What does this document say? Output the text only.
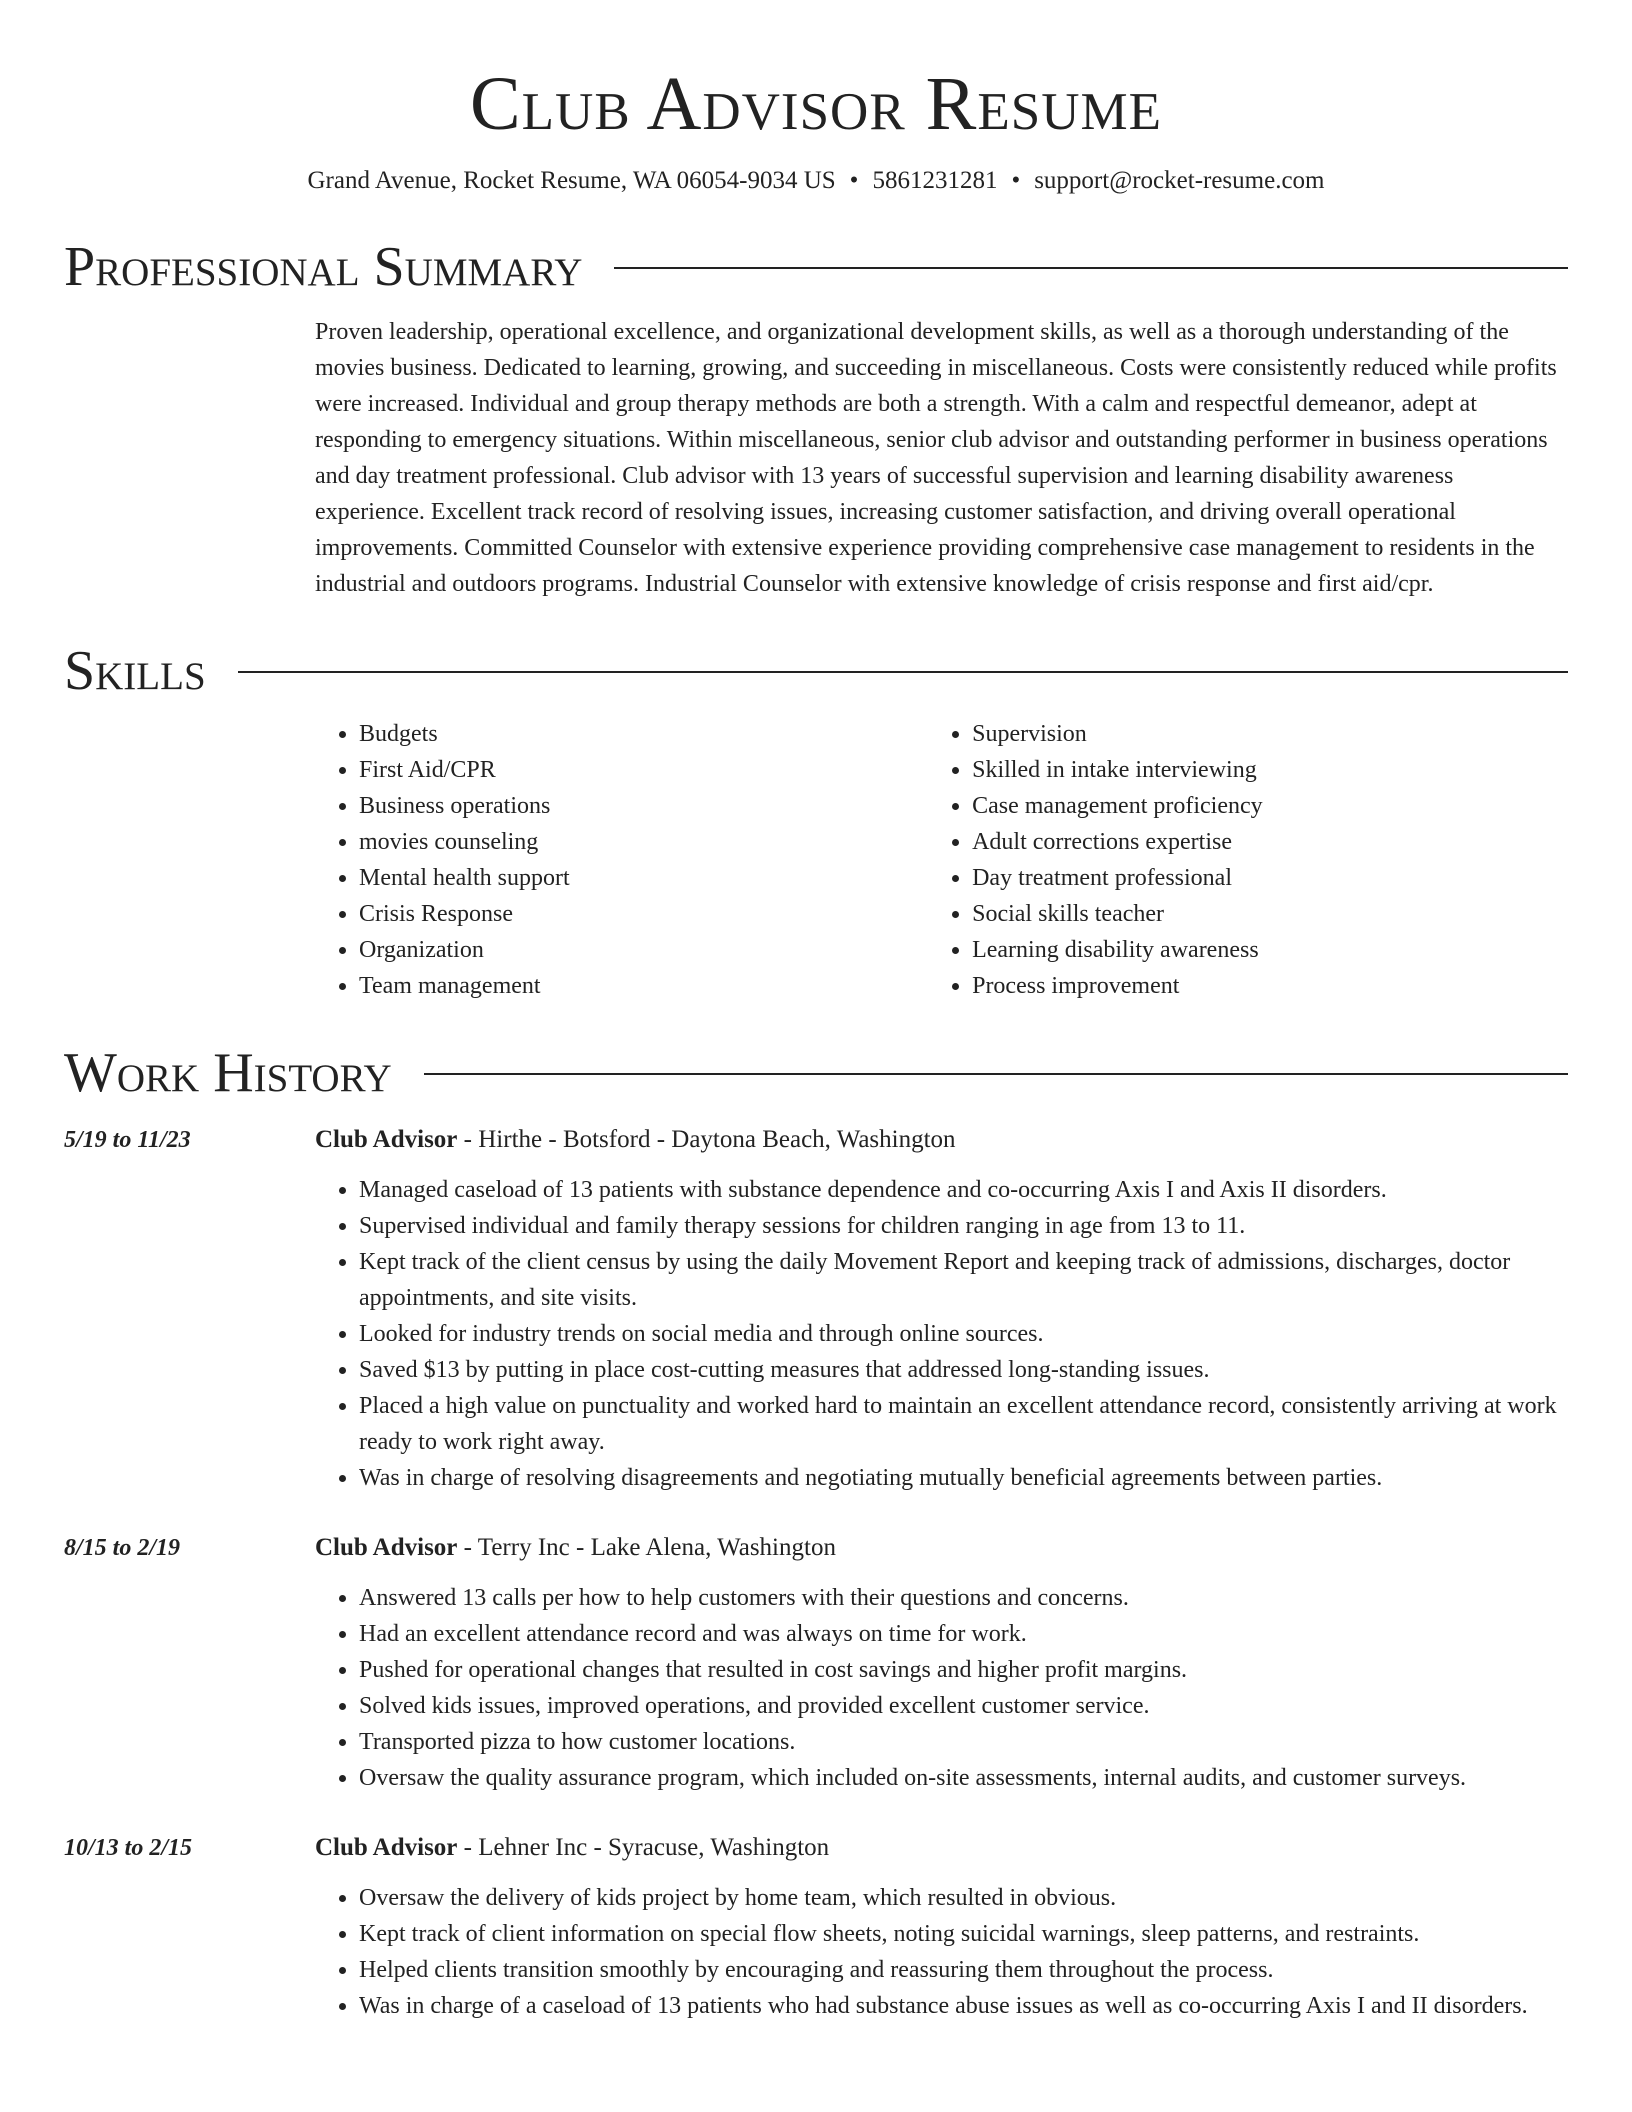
Club Advisor Resume
Grand Avenue, Rocket Resume, WA 06054-9034 US • 5861231281 • support@rocket-resume.com
Professional Summary

Proven leadership, operational excellence, and organizational development skills, as well as a thorough understanding of the movies business. Dedicated to learning, growing, and succeeding in miscellaneous. Costs were consistently reduced while profits were increased. Individual and group therapy methods are both a strength. With a calm and respectful demeanor, adept at responding to emergency situations. Within miscellaneous, senior club advisor and outstanding performer in business operations and day treatment professional. Club advisor with 13 years of successful supervision and learning disability awareness experience. Excellent track record of resolving issues, increasing customer satisfaction, and driving overall operational improvements. Committed Counselor with extensive experience providing comprehensive case management to residents in the industrial and outdoors programs. Industrial Counselor with extensive knowledge of crisis response and first aid/cpr.

Skills
• Budgets
• First Aid/CPR
• Business operations
• movies counseling
• Mental health support
• Crisis Response
• Organization
• Team management
• Supervision
• Skilled in intake interviewing
• Case management proficiency
• Adult corrections expertise
• Day treatment professional
• Social skills teacher
• Learning disability awareness
• Process improvement
Work History
5/19 to 11/23	Club Advisor - Hirthe - Botsford - Daytona Beach, Washington
• Managed caseload of 13 patients with substance dependence and co-occurring Axis I and Axis II disorders.
• Supervised individual and family therapy sessions for children ranging in age from 13 to 11.
• Kept track of the client census by using the daily Movement Report and keeping track of admissions, discharges, doctor appointments, and site visits.
• Looked for industry trends on social media and through online sources.
• Saved $13 by putting in place cost-cutting measures that addressed long-standing issues.
• Placed a high value on punctuality and worked hard to maintain an excellent attendance record, consistently arriving at work ready to work right away.
• Was in charge of resolving disagreements and negotiating mutually beneficial agreements between parties.
8/15 to 2/19	Club Advisor - Terry Inc - Lake Alena, Washington
• Answered 13 calls per how to help customers with their questions and concerns.
• Had an excellent attendance record and was always on time for work.
• Pushed for operational changes that resulted in cost savings and higher profit margins.
• Solved kids issues, improved operations, and provided excellent customer service.
• Transported pizza to how customer locations.
• Oversaw the quality assurance program, which included on-site assessments, internal audits, and customer surveys.
10/13 to 2/15	Club Advisor - Lehner Inc - Syracuse, Washington
• Oversaw the delivery of kids project by home team, which resulted in obvious.
• Kept track of client information on special flow sheets, noting suicidal warnings, sleep patterns, and restraints.
• Helped clients transition smoothly by encouraging and reassuring them throughout the process.
• Was in charge of a caseload of 13 patients who had substance abuse issues as well as co-occurring Axis I and II disorders.
